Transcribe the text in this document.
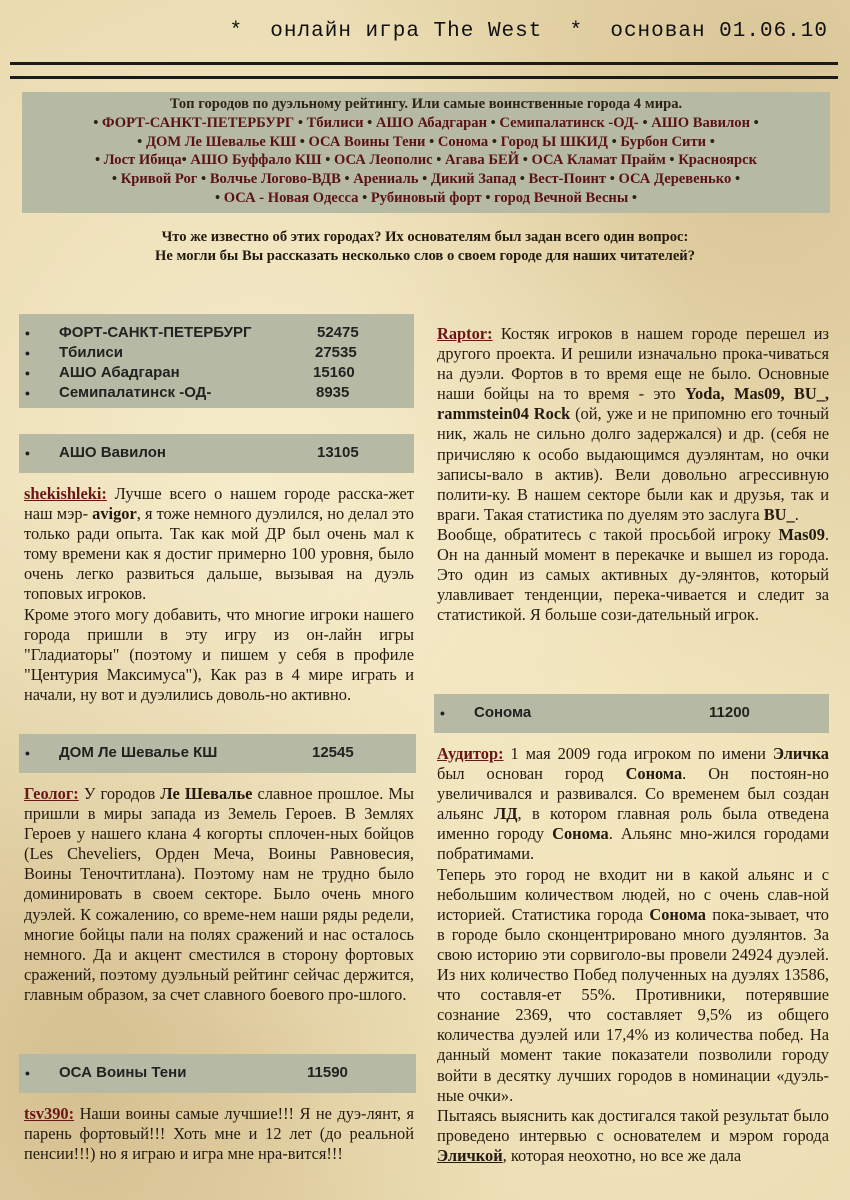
*  онлайн игра The West  *  основан 01.06.10
Топ городов по дуэльному рейтингу. Или самые воинственные города 4 мира.
• ФОРТ-САНКТ-ПЕТЕРБУРГ • Тбилиси • АШО Абадгаран • Семипалатинск -ОД- • АШО Вавилон •
• ДОМ Ле Шевалье КШ • ОСА Воины Тени • Сонома • Город Ы ШКИД • Бурбон Сити •
• Лост Ибица• АШО Буффало КШ • ОСА Леополис • Агава БЕЙ • ОСА Кламат Прайм • Красноярск
• Кривой Рог • Волчье Логово-ВДВ • Арениаль • Дикий Запад • Вест-Поинт • ОСА Деревенько •
• ОСА - Новая Одесса • Рубиновый форт • город Вечной Весны •
Что же известно об этих городах? Их основателям был задан всего один вопрос:
Не могли бы Вы рассказать несколько слов о своем городе для наших читателей?
• ФОРТ-САНКТ-ПЕТЕРБУРГ	52475
• Тбилиси	27535
• АШО Абадгаран	15160
• Семипалатинск -ОД-	8935
• АШО Вавилон	13105

shekishleki: Лучше всего о нашем городе расска-жет наш мэр- avigor, я тоже немного дуэлился, но делал это только ради опыта. Так как мой ДР был очень мал к тому времени как я достиг примерно 100 уровня, было очень легко развиться дальше, вызывая на дуэль топовых игроков.

Кроме этого могу добавить, что многие игроки нашего города пришли в эту игру из он-лайн игры "Гладиаторы" (поэтому и пишем у себя в профиле "Центурия Максимуса"), Как раз в 4 мире играть и начали, ну вот и дуэлились доволь-но активно.

• ДОМ Ле Шевалье КШ	12545

Геолог: У городов Ле Шевалье славное прошлое. Мы пришли в миры запада из Земель Героев. В Землях Героев у нашего клана 4 когорты сплочен-ных бойцов (Les Cheveliers, Орден Меча, Воины Равновесия, Воины Теночтитлана). Поэтому нам не трудно было доминировать в своем секторе. Было очень много дуэлей. К сожалению, со време-нем наши ряды редели, многие бойцы пали на полях сражений и нас осталось немного. Да и акцент сместился в сторону фортовых сражений, поэтому дуэльный рейтинг сейчас держится, главным образом, за счет славного боевого про-шлого.

• ОСА Воины Тени	11590

tsv390: Наши воины самые лучшие!!! Я не дуэ-лянт, я парень фортовый!!! Хоть мне и 12 лет (до реальной пенсии!!!) но я играю и игра мне нра-вится!!!

Raptor: Костяк игроков в нашем городе перешел из другого проекта. И решили изначально прока-чиваться на дуэли. Фортов в то время еще не было. Основные наши бойцы на то время - это Yoda, Mas09, BU_, rammstein04 Rock (ой, уже и не припомню его точный ник, жаль не сильно долго задержался) и др. (себя не причисляю к особо выдающимся дуэлянтам, но очки записы-вало в актив). Вели довольно агрессивную полити-ку. В нашем секторе были как и друзья, так и враги. Такая статистика по дуелям это заслуга BU_.

Вообще, обратитесь с такой просьбой игроку Mas09. Он на данный момент в перекачке и вышел из города. Это один из самых активных ду-элянтов, который улавливает тенденции, перека-чивается и следит за статистикой. Я больше сози-дательный игрок.

• Сонома	11200

Аудитор: 1 мая 2009 года игроком по имени Эличка был основан город Сонома. Он постоян-но увеличивался и развивался. Со временем был создан альянс ЛД, в котором главная роль была отведена именно городу Сонома. Альянс мно-жился городами побратимами.

Теперь это город не входит ни в какой альянс и с небольшим количеством людей, но с очень слав-ной историей. Статистика города Сонома пока-зывает, что в городе было сконцентрировано много дуэлянтов. За свою историю эти сорвиголо-вы провели 24924 дуэлей. Из них количество Побед полученных на дуэлях 13586, что составля-ет 55%. Противники, потерявшие сознание 2369, что составляет 9,5% из общего количества дуэлей или 17,4% из количества побед. На данный момент такие показатели позволили городу войти в десятку лучших городов в номинации «дуэль-ные очки».

Пытаясь выяснить как достигался такой результат было проведено интервью с основателем и мэром города Эличкой, которая неохотно, но все же дала
